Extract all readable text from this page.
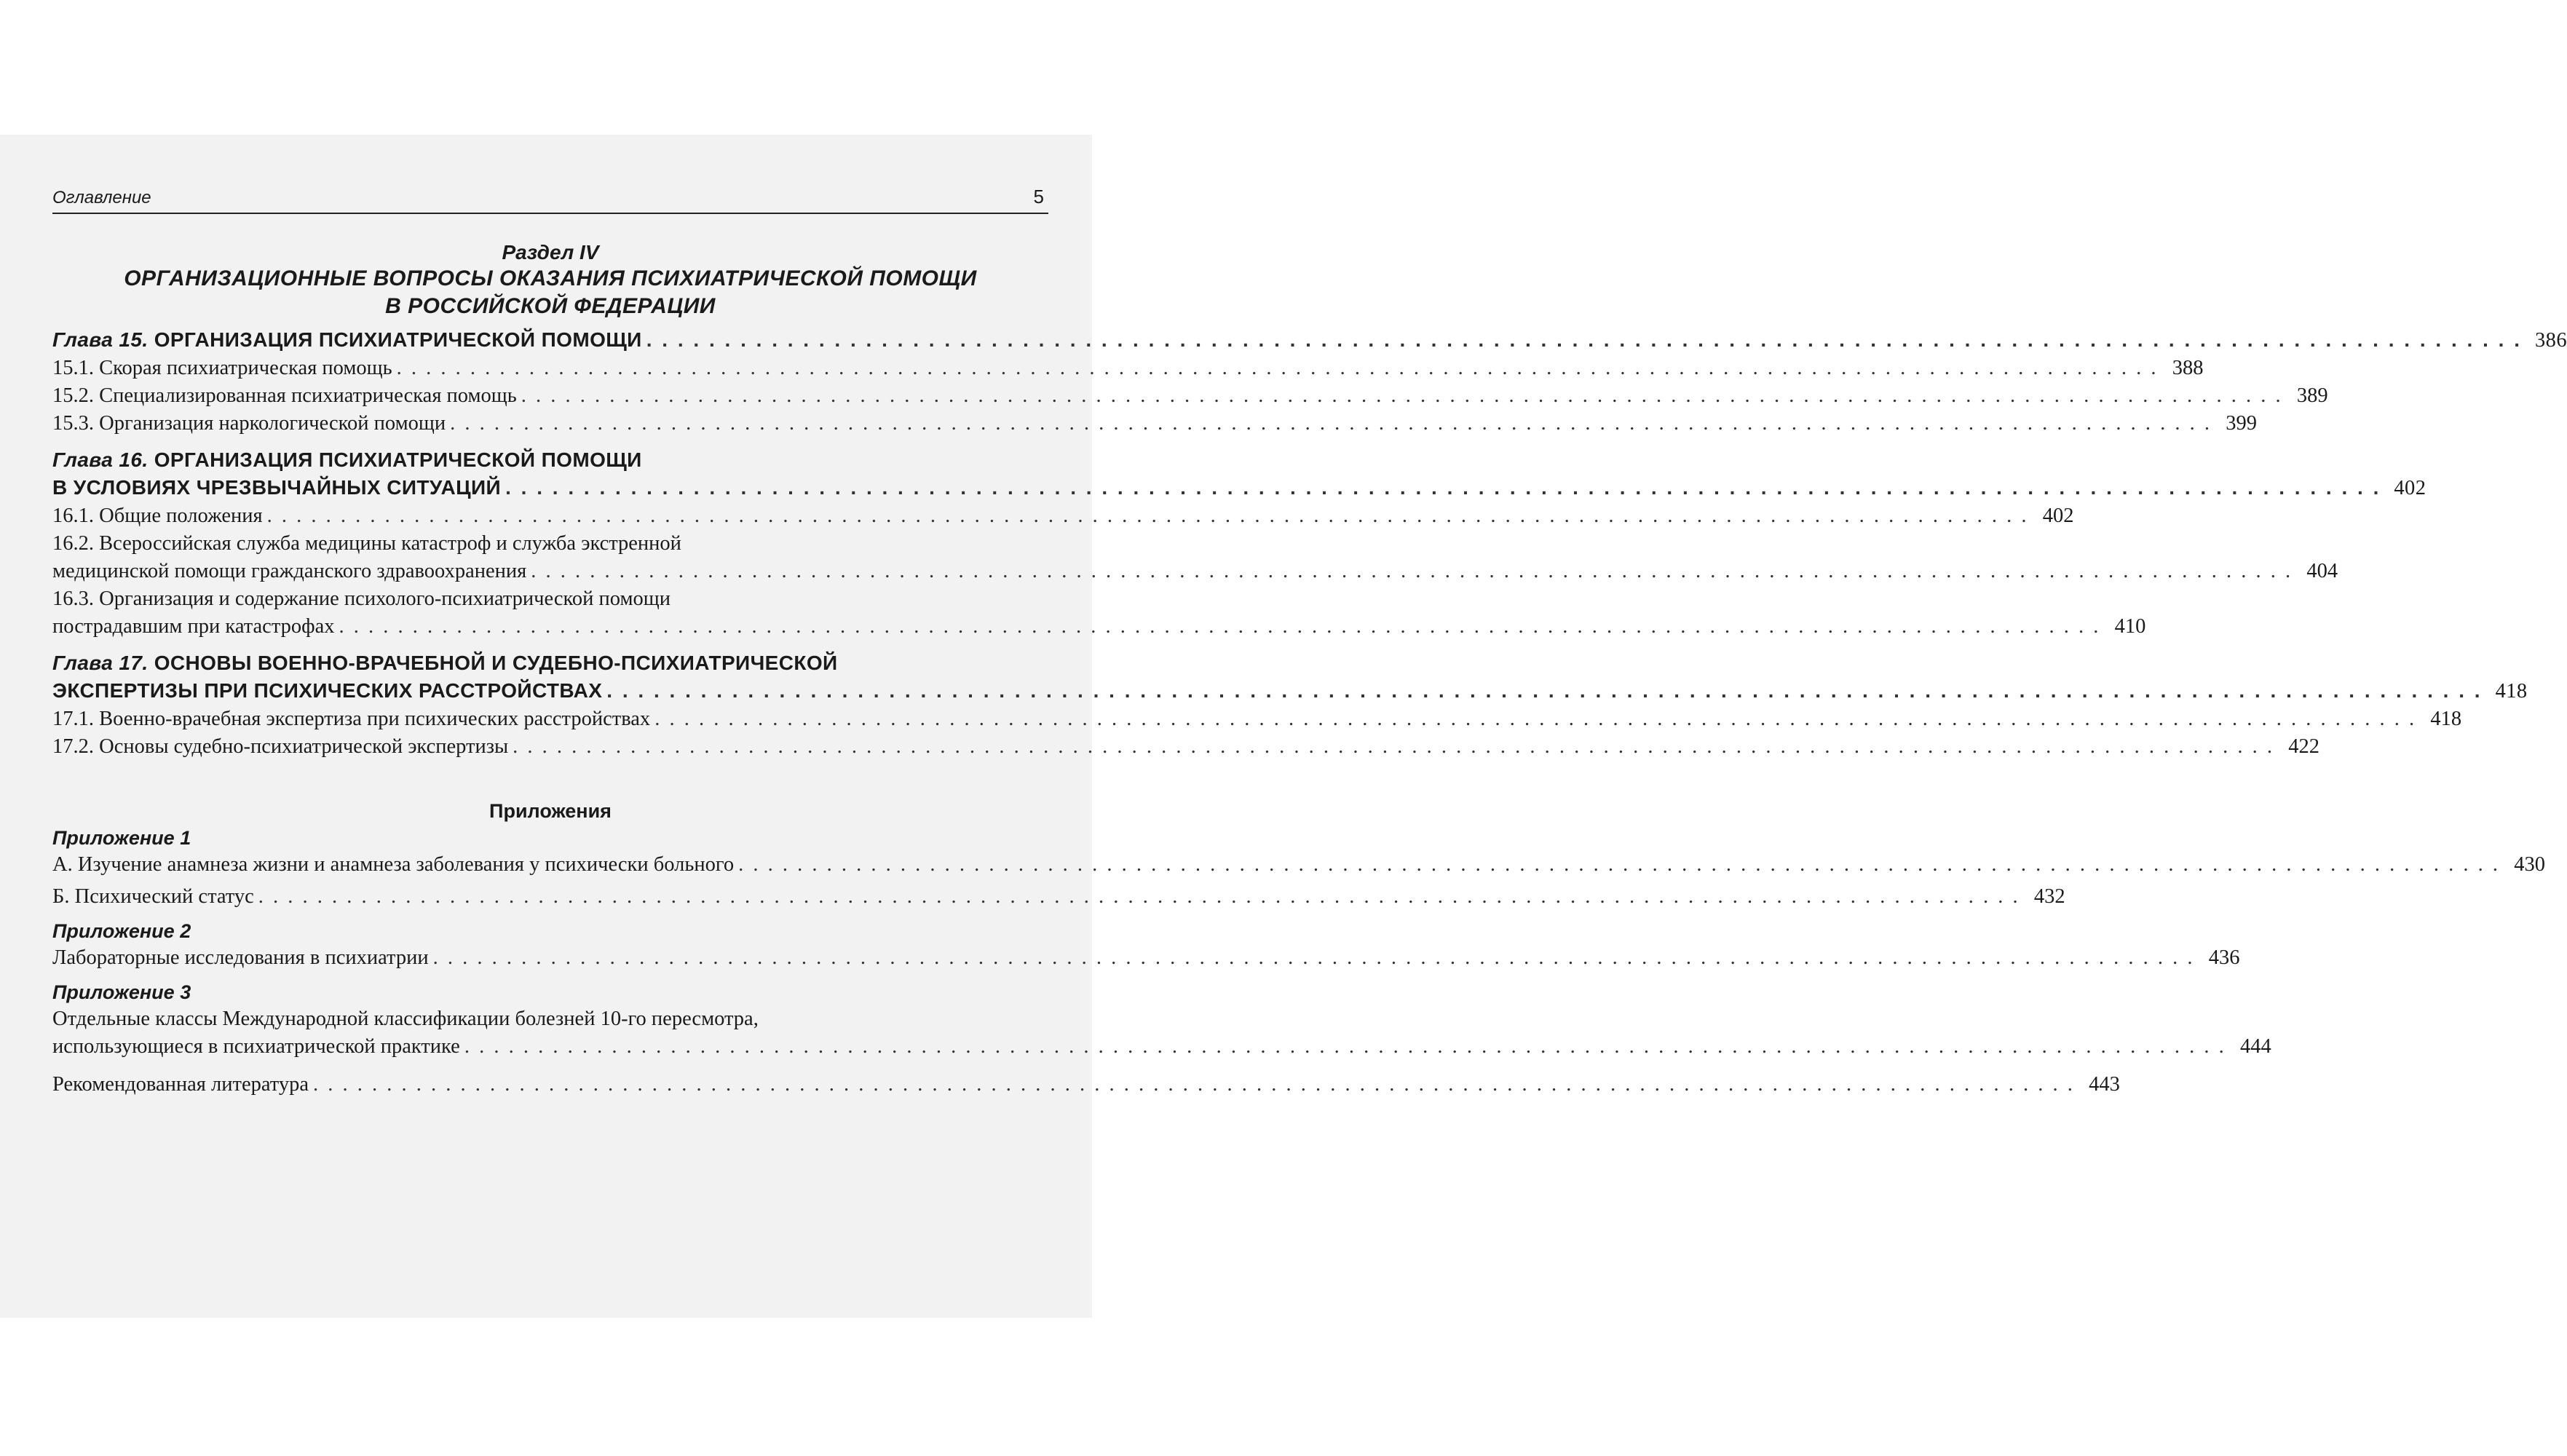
Оглавление	5
Раздел IV
ОРГАНИЗАЦИОННЫЕ ВОПРОСЫ ОКАЗАНИЯ ПСИХИАТРИЧЕСКОЙ ПОМОЩИ
В РОССИЙСКОЙ ФЕДЕРАЦИИ
Глава 15. ОРГАНИЗАЦИЯ ПСИХИАТРИЧЕСКОЙ ПОМОЩИ . . . . . . . . . . . . . . . . . . . . . . . . . . . . . . . . . . . . . . . . . . . . . . . . . . . . . . . . . . . . . . . . . . . . . . . . . . . . . . . . . . . . . . . . . . . . . . . . . . . . . . . . . . . . . . . . . . . . . . . . 386
15.1. Скорая психиатрическая помощь . . . . . . . . . . . . . . . . . . . . . . . . . . . . . . . . . . . . . . . . . . . . . . . . . . . . . . . . . . . . . . . . . . . . . . . . . . . . . . . . . . . . . . . . . . . . . . . . . . . . . . . . . . . . . . . . . . . . . . . . 388
15.2. Специализированная психиатрическая помощь . . . . . . . . . . . . . . . . . . . . . . . . . . . . . . . . . . . . . . . . . . . . . . . . . . . . . . . . . . . . . . . . . . . . . . . . . . . . . . . . . . . . . . . . . . . . . . . . . . . . . . . . . . . . . . . . . . . . . . . . 389
15.3. Организация наркологической помощи . . . . . . . . . . . . . . . . . . . . . . . . . . . . . . . . . . . . . . . . . . . . . . . . . . . . . . . . . . . . . . . . . . . . . . . . . . . . . . . . . . . . . . . . . . . . . . . . . . . . . . . . . . . . . . . . . . . . . . . . 399
Глава 16. ОРГАНИЗАЦИЯ ПСИХИАТРИЧЕСКОЙ ПОМОЩИ
В УСЛОВИЯХ ЧРЕЗВЫЧАЙНЫХ СИТУАЦИЙ . . . . . . . . . . . . . . . . . . . . . . . . . . . . . . . . . . . . . . . . . . . . . . . . . . . . . . . . . . . . . . . . . . . . . . . . . . . . . . . . . . . . . . . . . . . . . . . . . . . . . . . . . . . . . . . . . . . . . . . . 402
16.1. Общие положения . . . . . . . . . . . . . . . . . . . . . . . . . . . . . . . . . . . . . . . . . . . . . . . . . . . . . . . . . . . . . . . . . . . . . . . . . . . . . . . . . . . . . . . . . . . . . . . . . . . . . . . . . . . . . . . . . . . . . . . . 402
16.2. Всероссийская служба медицины катастроф и служба экстренной
медицинской помощи гражданского здравоохранения . . . . . . . . . . . . . . . . . . . . . . . . . . . . . . . . . . . . . . . . . . . . . . . . . . . . . . . . . . . . . . . . . . . . . . . . . . . . . . . . . . . . . . . . . . . . . . . . . . . . . . . . . . . . . . . . . . . . . . . . 404
16.3. Организация и содержание психолого-психиатрической помощи
пострадавшим при катастрофах . . . . . . . . . . . . . . . . . . . . . . . . . . . . . . . . . . . . . . . . . . . . . . . . . . . . . . . . . . . . . . . . . . . . . . . . . . . . . . . . . . . . . . . . . . . . . . . . . . . . . . . . . . . . . . . . . . . . . . . . 410
Глава 17. ОСНОВЫ ВОЕННО-ВРАЧЕБНОЙ И СУДЕБНО-ПСИХИАТРИЧЕСКОЙ
ЭКСПЕРТИЗЫ ПРИ ПСИХИЧЕСКИХ РАССТРОЙСТВАХ . . . . . . . . . . . . . . . . . . . . . . . . . . . . . . . . . . . . . . . . . . . . . . . . . . . . . . . . . . . . . . . . . . . . . . . . . . . . . . . . . . . . . . . . . . . . . . . . . . . . . . . . . . . . . . . . . . . . . . . . 418
17.1. Военно-врачебная экспертиза при психических расстройствах . . . . . . . . . . . . . . . . . . . . . . . . . . . . . . . . . . . . . . . . . . . . . . . . . . . . . . . . . . . . . . . . . . . . . . . . . . . . . . . . . . . . . . . . . . . . . . . . . . . . . . . . . . . . . . . . . . . . . . . . 418
17.2. Основы судебно-психиатрической экспертизы . . . . . . . . . . . . . . . . . . . . . . . . . . . . . . . . . . . . . . . . . . . . . . . . . . . . . . . . . . . . . . . . . . . . . . . . . . . . . . . . . . . . . . . . . . . . . . . . . . . . . . . . . . . . . . . . . . . . . . . . 422
Приложения
Приложение 1
А. Изучение анамнеза жизни и анамнеза заболевания у психически больного . . . . . . . . . . . . . . . . . . . . . . . . . . . . . . . . . . . . . . . . . . . . . . . . . . . . . . . . . . . . . . . . . . . . . . . . . . . . . . . . . . . . . . . . . . . . . . . . . . . . . . . . . . . . . . . . . . . . . . . . 430
Б. Психический статус . . . . . . . . . . . . . . . . . . . . . . . . . . . . . . . . . . . . . . . . . . . . . . . . . . . . . . . . . . . . . . . . . . . . . . . . . . . . . . . . . . . . . . . . . . . . . . . . . . . . . . . . . . . . . . . . . . . . . . . . 432
Приложение 2
Лабораторные исследования в психиатрии . . . . . . . . . . . . . . . . . . . . . . . . . . . . . . . . . . . . . . . . . . . . . . . . . . . . . . . . . . . . . . . . . . . . . . . . . . . . . . . . . . . . . . . . . . . . . . . . . . . . . . . . . . . . . . . . . . . . . . . . 436
Приложение 3
Отдельные классы Международной классификации болезней 10-го пересмотра,
использующиеся в психиатрической практике . . . . . . . . . . . . . . . . . . . . . . . . . . . . . . . . . . . . . . . . . . . . . . . . . . . . . . . . . . . . . . . . . . . . . . . . . . . . . . . . . . . . . . . . . . . . . . . . . . . . . . . . . . . . . . . . . . . . . . . . 444
Рекомендованная литература . . . . . . . . . . . . . . . . . . . . . . . . . . . . . . . . . . . . . . . . . . . . . . . . . . . . . . . . . . . . . . . . . . . . . . . . . . . . . . . . . . . . . . . . . . . . . . . . . . . . . . . . . . . . . . . . . . . . . . . . 443
